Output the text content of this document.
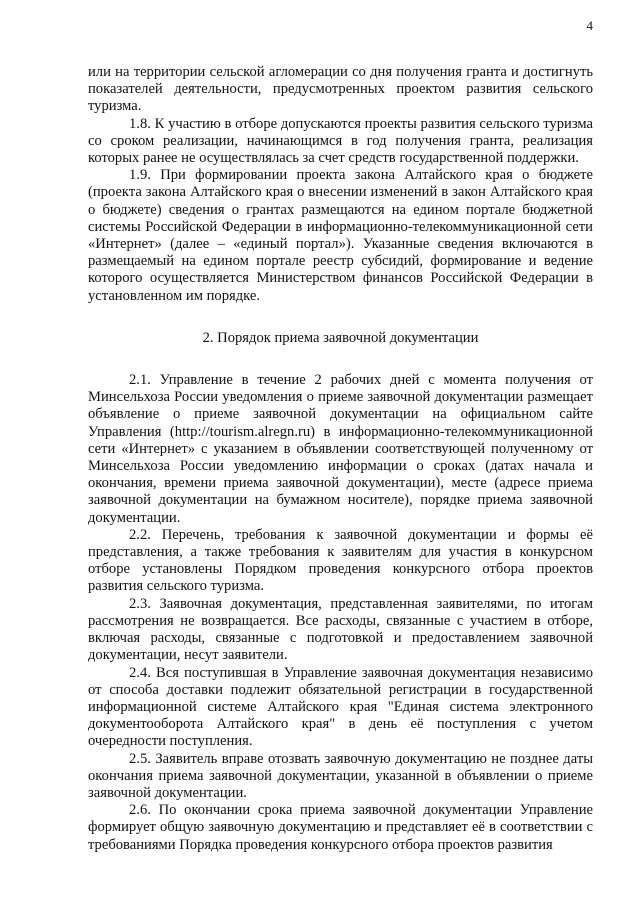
4

или на территории сельской агломерации со дня получения гранта и достигнуть показателей деятельности, предусмотренных проектом развития сельского туризма.

1.8. К участию в отборе допускаются проекты развития сельского туризма со сроком реализации, начинающимся в год получения гранта, реализация которых ранее не осуществлялась за счет средств государственной поддержки.

1.9. При формировании проекта закона Алтайского края о бюджете (проекта закона Алтайского края о внесении изменений в закон Алтайского края о бюджете) сведения о грантах размещаются на едином портале бюджетной системы Российской Федерации в информационно-телекоммуникационной сети «Интернет» (далее – «единый портал»). Указанные сведения включаются в размещаемый на едином портале реестр субсидий, формирование и ведение которого осуществляется Министерством финансов Российской Федерации в установленном им порядке.

2. Порядок приема заявочной документации

2.1. Управление в течение 2 рабочих дней с момента получения от Минсельхоза России уведомления о приеме заявочной документации размещает объявление о приеме заявочной документации на официальном сайте Управления (http://tourism.alregn.ru) в информационно-телекоммуникационной сети «Интернет» с указанием в объявлении соответствующей полученному от Минсельхоза России уведомлению информации о сроках (датах начала и окончания, времени приема заявочной документации), месте (адресе приема заявочной документации на бумажном носителе), порядке приема заявочной документации.

2.2. Перечень, требования к заявочной документации и формы её представления, а также требования к заявителям для участия в конкурсном отборе установлены Порядком проведения конкурсного отбора проектов развития сельского туризма.

2.3. Заявочная документация, представленная заявителями, по итогам рассмотрения не возвращается. Все расходы, связанные с участием в отборе, включая расходы, связанные с подготовкой и предоставлением заявочной документации, несут заявители.

2.4. Вся поступившая в Управление заявочная документация независимо от способа доставки подлежит обязательной регистрации в государственной информационной системе Алтайского края "Единая система электронного документооборота Алтайского края" в день её поступления с учетом очередности поступления.

2.5. Заявитель вправе отозвать заявочную документацию не позднее даты окончания приема заявочной документации, указанной в объявлении о приеме заявочной документации.

2.6. По окончании срока приема заявочной документации Управление формирует общую заявочную документацию и представляет её в соответствии с требованиями Порядка проведения конкурсного отбора проектов развития
